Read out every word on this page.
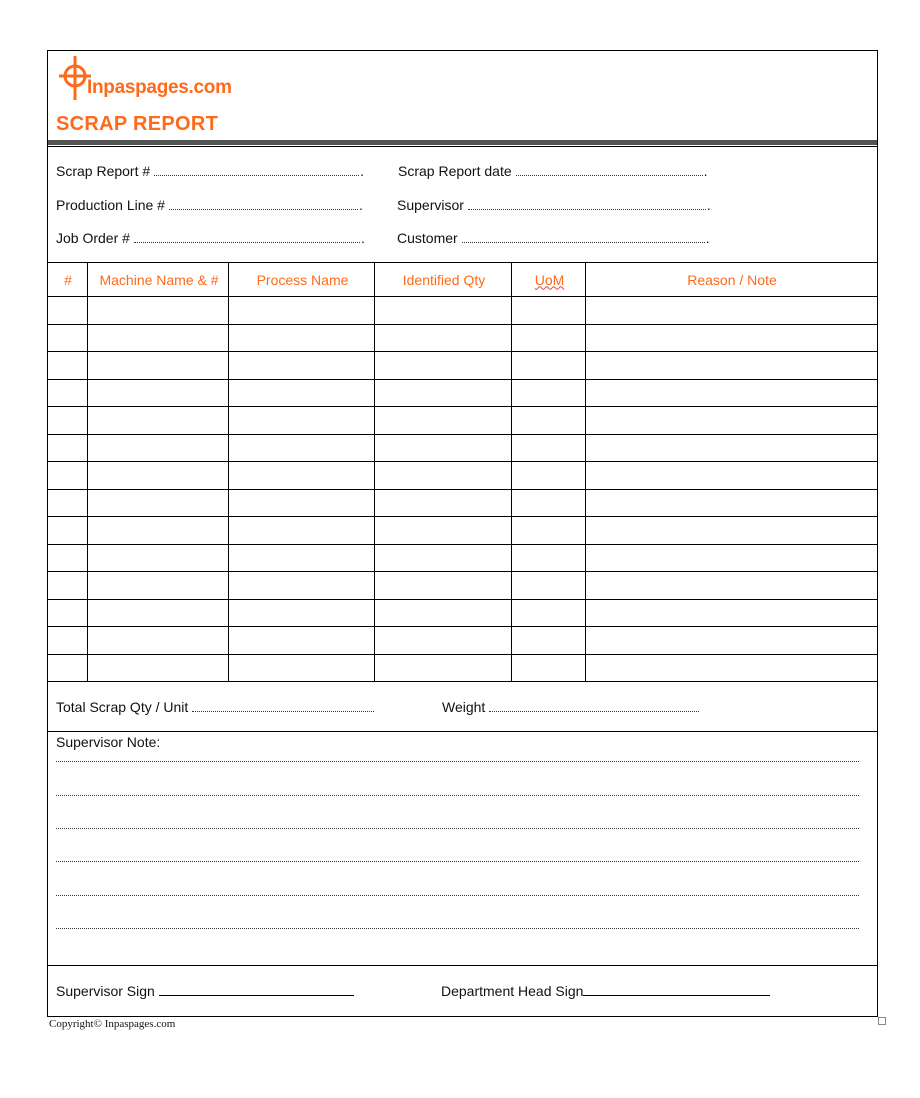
Inpaspages.com
SCRAP REPORT
Scrap Report #	. Scrap Report date	.
Production Line #	. Supervisor	.
Job Order #	. Customer	.
#	Machine Name & #	Process Name	Identified Qty	UoM	Reason / Note
Total Scrap Qty / Unit	Weight
Supervisor Note:
Supervisor Sign	Department Head Sign
Copyright© Inpaspages.com
